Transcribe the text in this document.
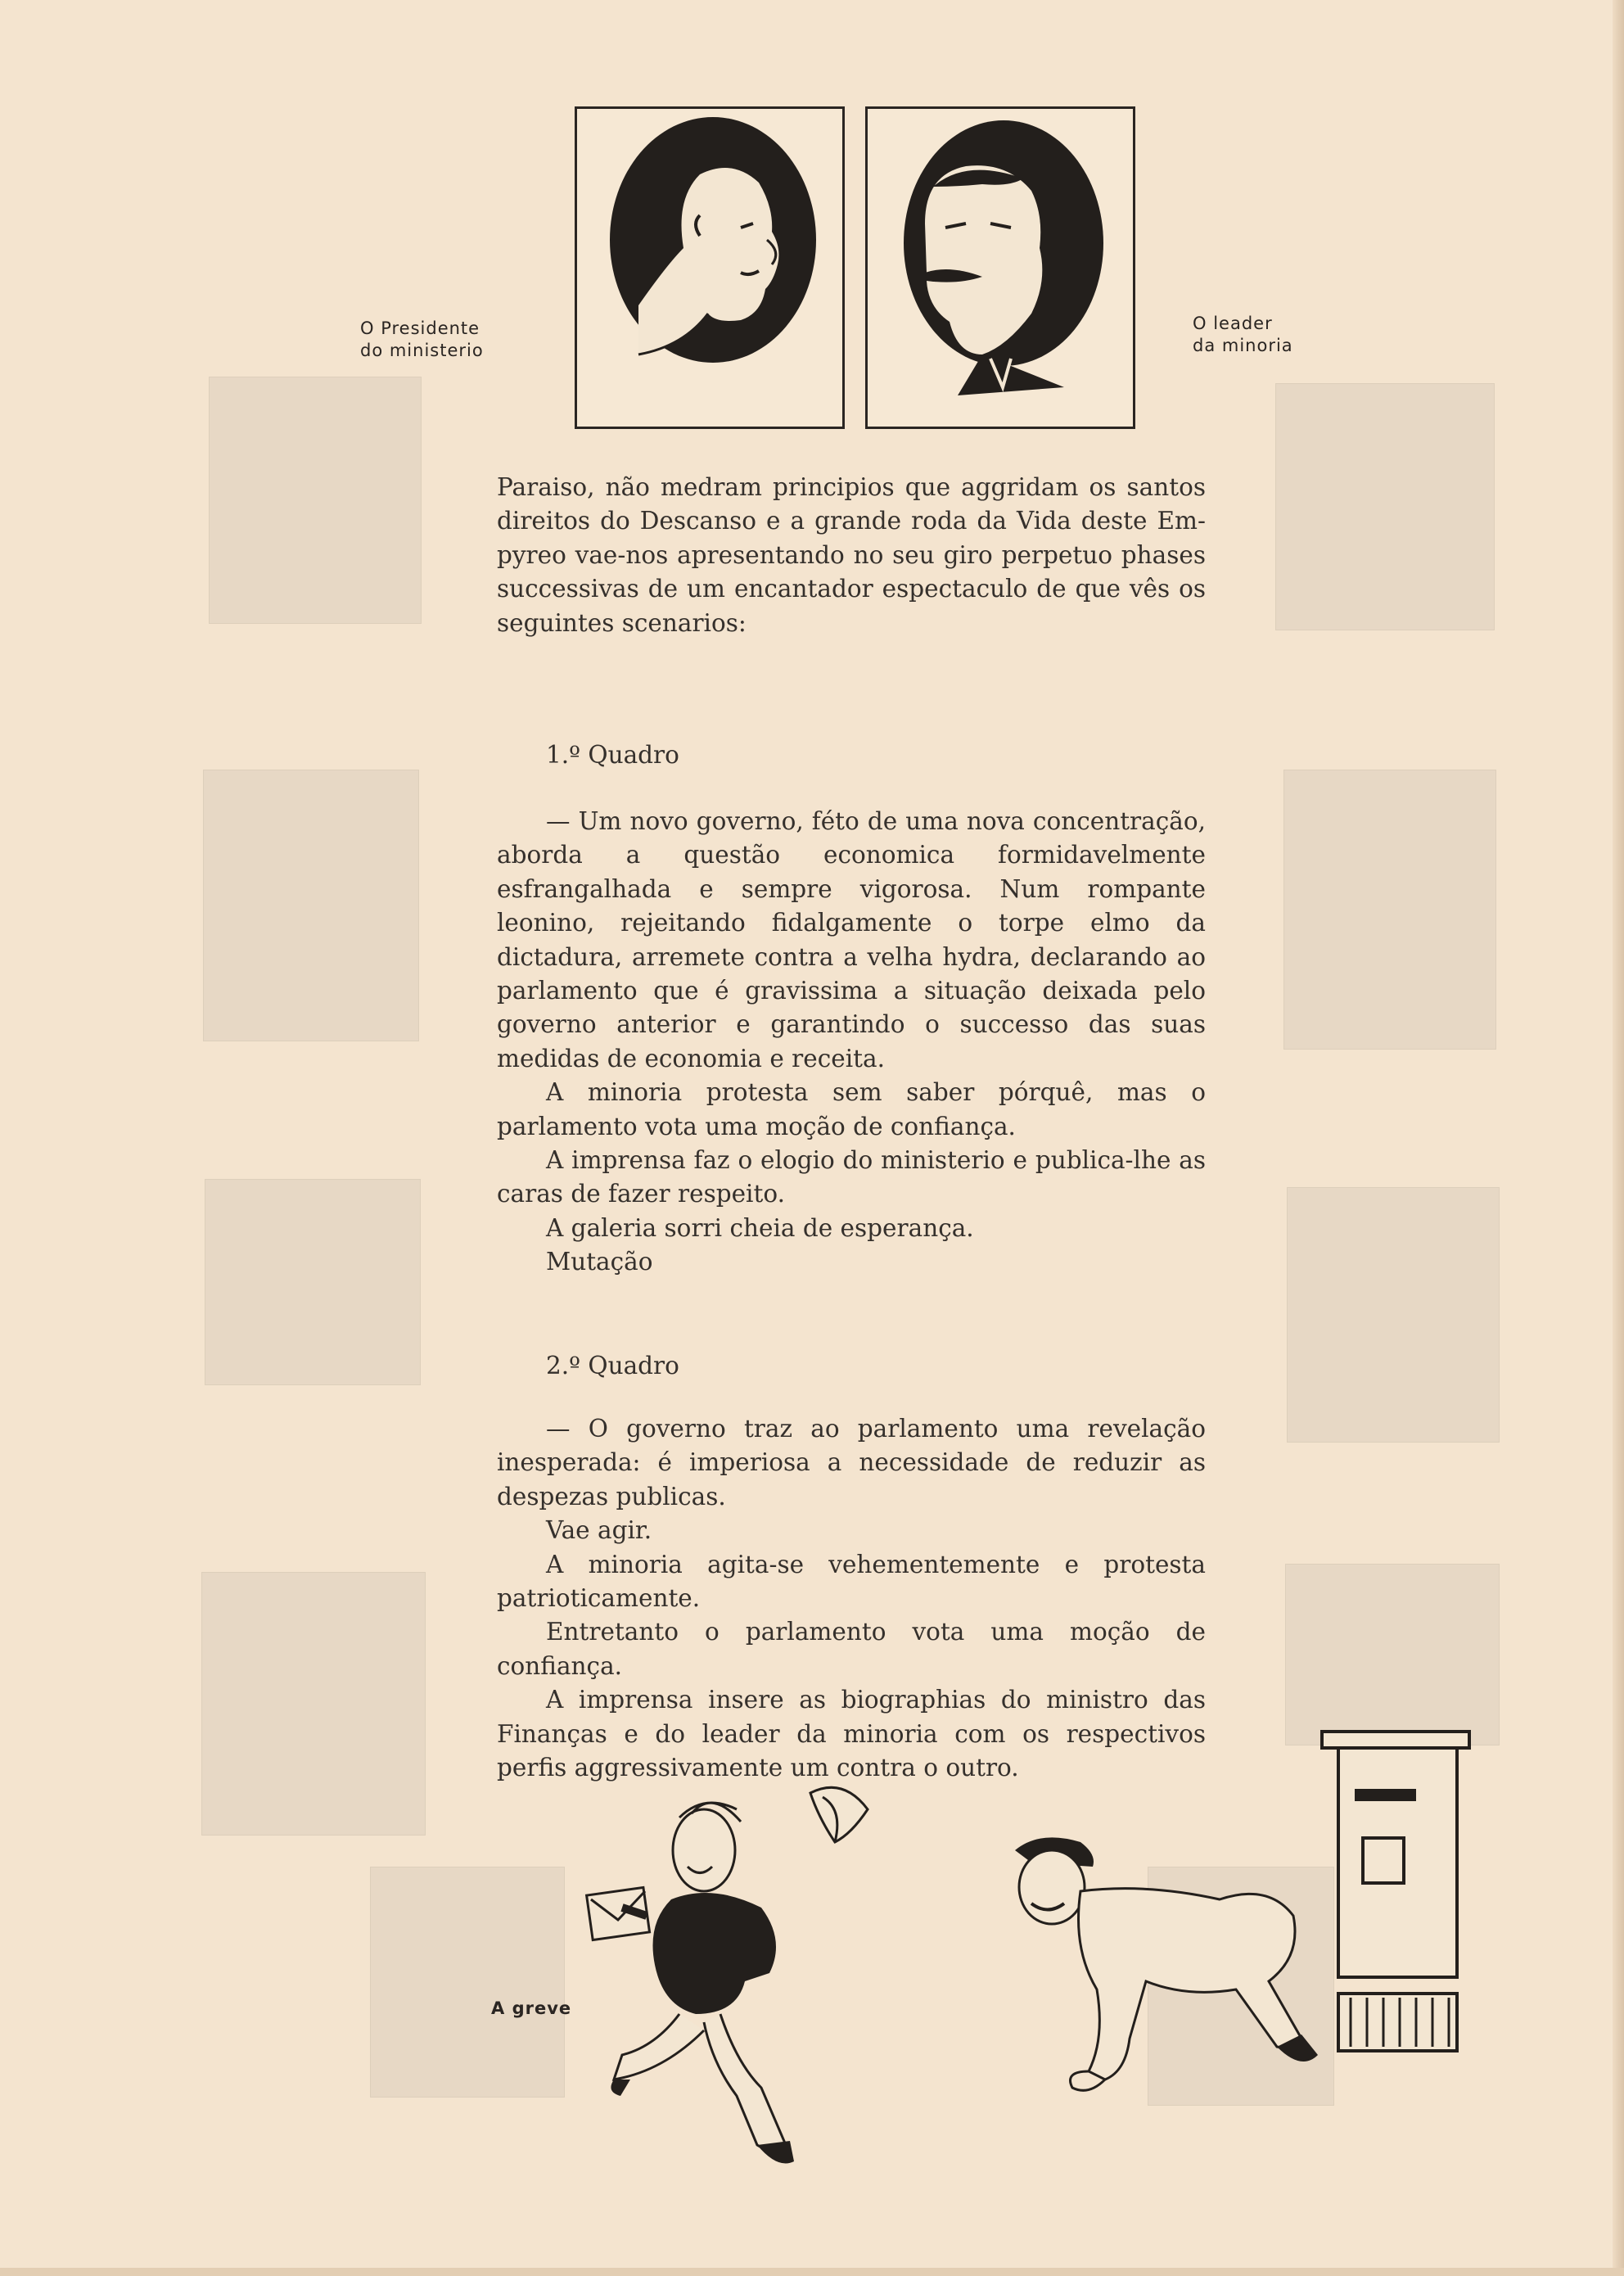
O Presidente
do ministerio
O leader
da minoria

Paraiso, não medram principios que aggridam os santos

direitos do Descanso e a grande roda da Vida deste Em-

pyreo vae-nos apresentando no seu giro perpetuo phases

successivas de um encantador espectaculo de que vês os

seguintes scenarios:

1.º Quadro

— Um novo governo, féto de uma nova concentração, aborda a questão economica formidavelmente esfrangalhada e sempre vigorosa. Num rompante leonino, rejeitando fidalgamente o torpe elmo da dictadura, arremete contra a velha hydra, declarando ao parlamento que é gravissima a situação deixada pelo governo anterior e garantindo o successo das suas medidas de economia e receita.

A minoria protesta sem saber pórquê, mas o parlamento vota uma moção de confiança.

A imprensa faz o elogio do ministerio e publica-lhe as caras de fazer respeito.

A galeria sorri cheia de esperança.

Mutação

2.º Quadro

— O governo traz ao parlamento uma revelação inesperada: é imperiosa a necessidade de reduzir as despezas publicas.

Vae agir.

A minoria agita-se vehementemente e protesta patrioticamente.

Entretanto o parlamento vota uma moção de confiança.

A imprensa insere as biographias do ministro das Finanças e do leader da minoria com os respectivos perfis aggressivamente um contra o outro.

A greve
